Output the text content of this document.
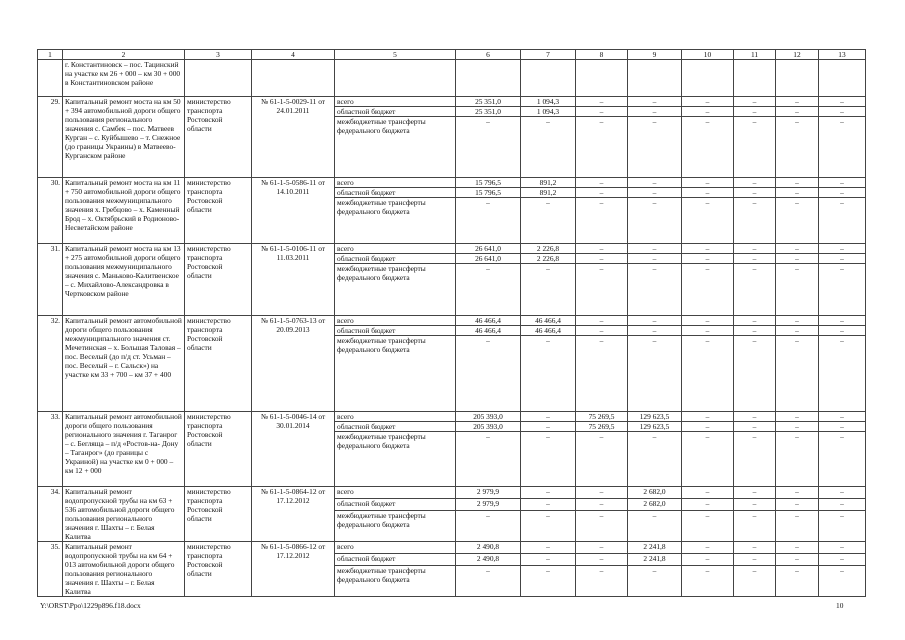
1	2	3	4	5	6	7	8	9	10	11	12	13
	г. Константиновск – пос. Тацинский на участке км 26 + 000 – км 30 + 000 в Константиновском районе											
29.	Капитальный ремонт моста на км 50 + 394 автомобильной дороги общего пользования регионального значения с. Самбек – пос. Матвеев Курган – с. Куйбышево – т. Снежное (до границы Украины) в Матвеево- Курганском районе	министерство транспорта Ростовской области	№ 61-1-5-0029-11 от 24.01.2011	всего	25 351,0	1 094,3	–	–	–	–	–	–
				областной бюджет	25 351,0	1 094,3	–	–	–	–	–	–
				межбюджетные трансферты федерального бюджета	–	–	–	–	–	–	–	–
30.	Капитальный ремонт моста на км 11 + 750 автомобильной дороги общего пользования межмуниципального значения х. Гребцово – х. Каменный Брод – х. Октябрьский в Родионово- Несветайском районе	министерство транспорта Ростовской области	№ 61-1-5-0586-11 от 14.10.2011	всего	15 796,5	891,2	–	–	–	–	–	–
				областной бюджет	15 796,5	891,2	–	–	–	–	–	–
				межбюджетные трансферты федерального бюджета	–	–	–	–	–	–	–	–
31.	Капитальный ремонт моста на км 13 + 275 автомобильной дороги общего пользования межмуниципального значения с. Маньково-Калитвенское – с. Михайлово-Александровка в Чертковском районе	министерство транспорта Ростовской области	№ 61-1-5-0106-11 от 11.03.2011	всего	26 641,0	2 226,8	–	–	–	–	–	–
				областной бюджет	26 641,0	2 226,8	–	–	–	–	–	–
				межбюджетные трансферты федерального бюджета	–	–	–	–	–	–	–	–
32.	Капитальный ремонт автомобильной дороги общего пользования межмуниципального значения ст. Мечетинская – х. Большая Таловая – пос. Веселый (до п/д ст. Усьман – пос. Веселый – г. Сальск») на участке км 33 + 700 – км 37 + 400	министерство транспорта Ростовской области	№ 61-1-5-0763-13 от 20.09.2013	всего	46 466,4	46 466,4	–	–	–	–	–	–
				областной бюджет	46 466,4	46 466,4	–	–	–	–	–	–
				межбюджетные трансферты федерального бюджета	–	–	–	–	–	–	–	–
33.	Капитальный ремонт автомобильной дороги общего пользования регионального значения г. Таганрог – с. Бегляща – п/д «Ростов-на- Дону – Таганрог» (до границы с Украиной) на участке км 0 + 000 – км 12 + 000	министерство транспорта Ростовской области	№ 61-1-5-0046-14 от 30.01.2014	всего	205 393,0	–	75 269,5	129 623,5	–	–	–	–
				областной бюджет	205 393,0	–	75 269,5	129 623,5	–	–	–	–
				межбюджетные трансферты федерального бюджета	–	–	–	–	–	–	–	–
34.	Капитальный ремонт водопропускной трубы на км 63 + 536 автомобильной дороги общего пользования регионального значения г. Шахты – г. Белая Калитва	министерство транспорта Ростовской области	№ 61-1-5-0864-12 от 17.12.2012	всего	2 979,9	–	–	2 682,0	–	–	–	–
				областной бюджет	2 979,9	–	–	2 682,0	–	–	–	–
				межбюджетные трансферты федерального бюджета	–	–	–	–	–	–	–	–
35.	Капитальный ремонт водопропускной трубы на км 64 + 013 автомобильной дороги общего пользования регионального значения г. Шахты – г. Белая Калитва	министерство транспорта Ростовской области	№ 61-1-5-0866-12 от 17.12.2012	всего	2 490,8	–	–	2 241,8	–	–	–	–
				областной бюджет	2 490,8	–	–	2 241,8	–	–	–	–
				межбюджетные трансферты федерального бюджета	–	–	–	–	–	–	–	–
Y:\ORST\Ppo\1229p896.f18.docx	10
